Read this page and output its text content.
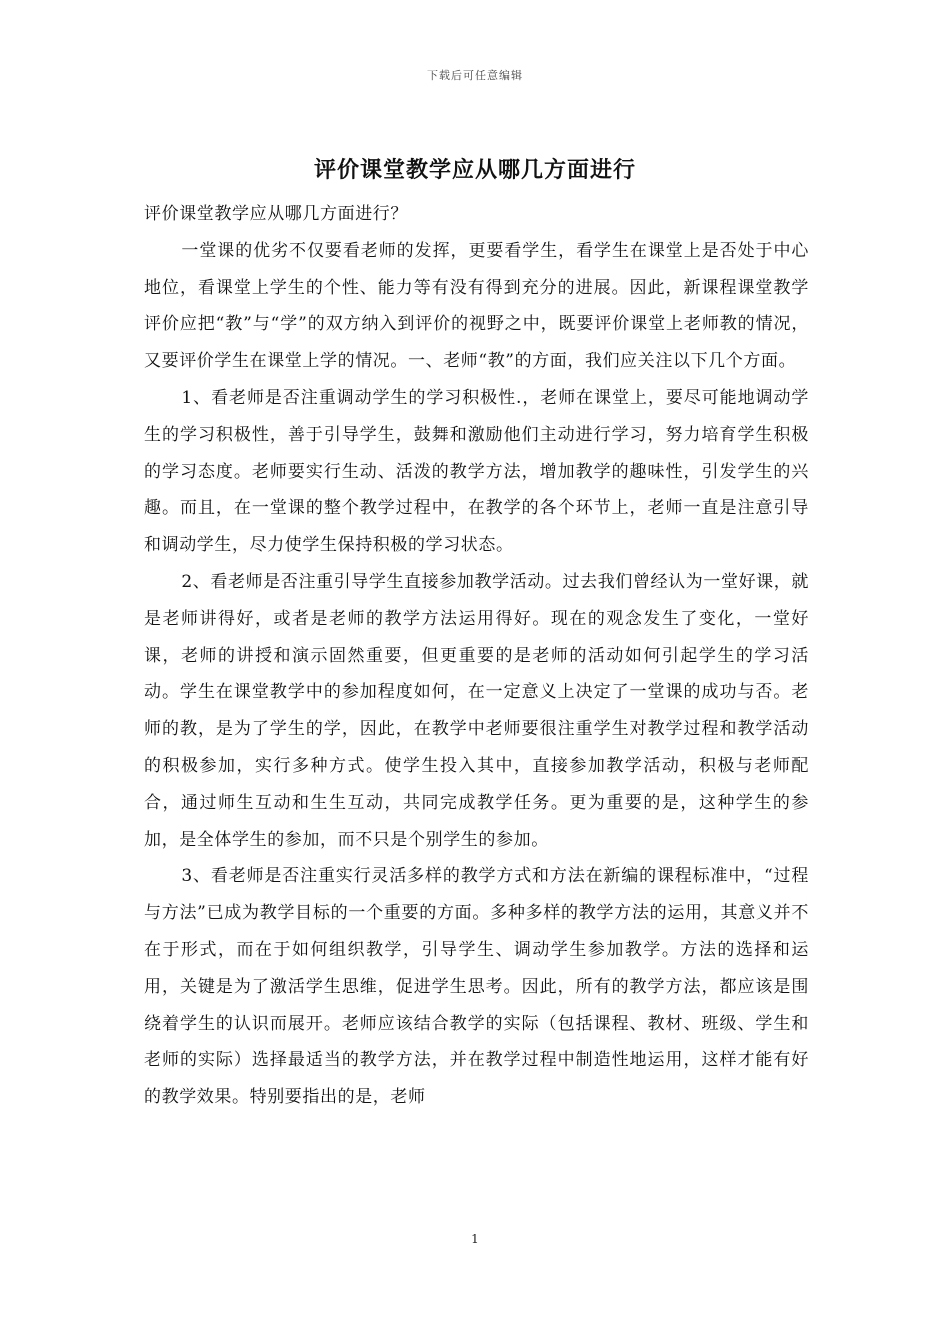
下载后可任意编辑
评价课堂教学应从哪几方面进行

评价课堂教学应从哪几方面进行？

一堂课的优劣不仅要看老师的发挥，更要看学生，看学生在课堂上是否处于中心地位，看课堂上学生的个性、能力等有没有得到充分的进展。因此，新课程课堂教学评价应把“教”与“学”的双方纳入到评价的视野之中，既要评价课堂上老师教的情况，又要评价学生在课堂上学的情况。一、老师“教”的方面，我们应关注以下几个方面。

1、看老师是否注重调动学生的学习积极性.，老师在课堂上，要尽可能地调动学生的学习积极性，善于引导学生，鼓舞和激励他们主动进行学习，努力培育学生积极的学习态度。老师要实行生动、活泼的教学方法，增加教学的趣味性，引发学生的兴趣。而且，在一堂课的整个教学过程中，在教学的各个环节上，老师一直是注意引导和调动学生，尽力使学生保持积极的学习状态。

2、看老师是否注重引导学生直接参加教学活动。过去我们曾经认为一堂好课，就是老师讲得好，或者是老师的教学方法运用得好。现在的观念发生了变化，一堂好课，老师的讲授和演示固然重要，但更重要的是老师的活动如何引起学生的学习活动。学生在课堂教学中的参加程度如何，在一定意义上决定了一堂课的成功与否。老师的教，是为了学生的学，因此，在教学中老师要很注重学生对教学过程和教学活动的积极参加，实行多种方式。使学生投入其中，直接参加教学活动，积极与老师配合，通过师生互动和生生互动，共同完成教学任务。更为重要的是，这种学生的参加，是全体学生的参加，而不只是个别学生的参加。

3、看老师是否注重实行灵活多样的教学方式和方法在新编的课程标准中，“过程与方法”已成为教学目标的一个重要的方面。多种多样的教学方法的运用，其意义并不在于形式，而在于如何组织教学，引导学生、调动学生参加教学。方法的选择和运用，关键是为了激活学生思维，促进学生思考。因此，所有的教学方法，都应该是围绕着学生的认识而展开。老师应该结合教学的实际（包括课程、教材、班级、学生和老师的实际）选择最适当的教学方法，并在教学过程中制造性地运用，这样才能有好的教学效果。特别要指出的是，老师

1
